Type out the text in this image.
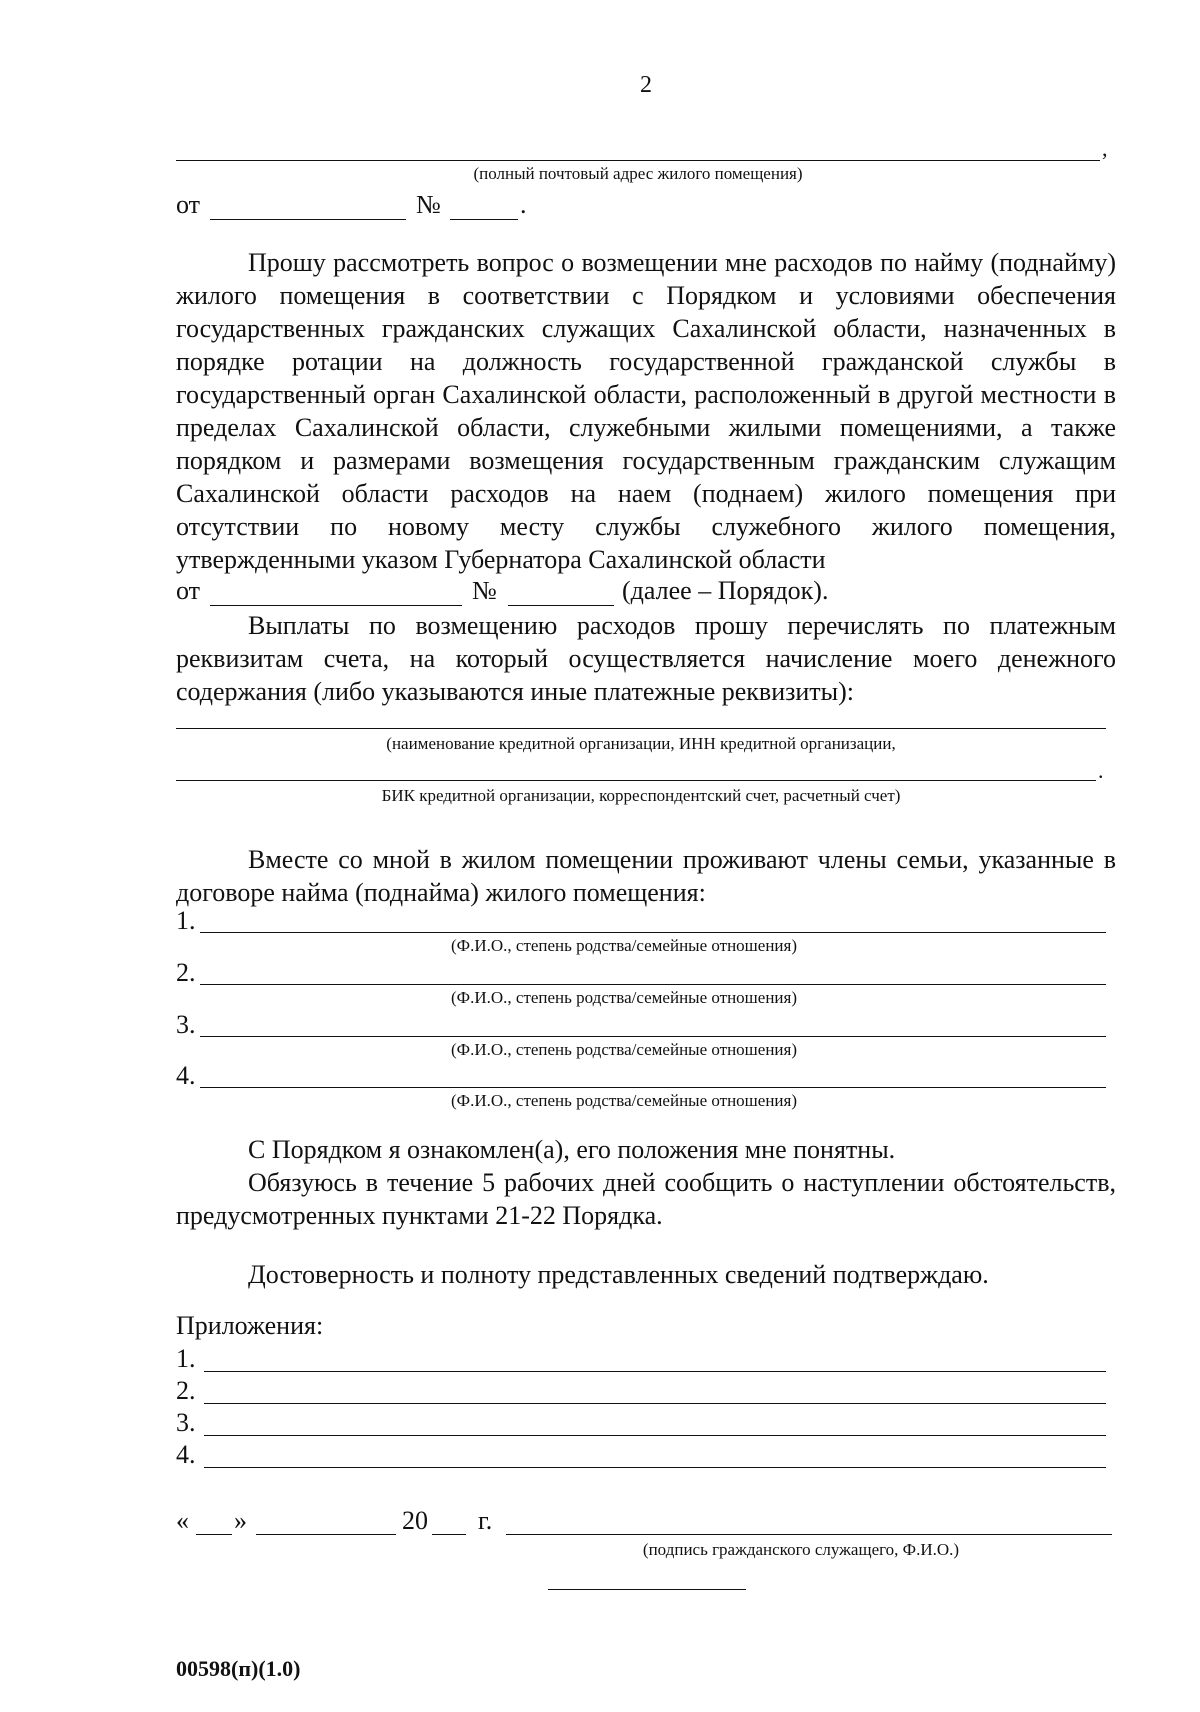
2
,
(полный почтовый адрес жилого помещения)
от	№	.
Прошу рассмотреть вопрос о возмещении мне расходов по найму (поднайму) жилого помещения в соответствии с Порядком и условиями обеспечения государственных гражданских служащих Сахалинской области, назначенных в порядке ротации на должность государственной гражданской службы в государственный орган Сахалинской области, расположенный в другой местности в пределах Сахалинской области, служебными жилыми помещениями, а также порядком и размерами возмещения государственным гражданским служащим Сахалинской области расходов на наем (поднаем) жилого помещения при отсутствии по новому месту службы служебного жилого помещения, утвержденными указом Губернатора Сахалинской области
от	№	(далее – Порядок).
Выплаты по возмещению расходов прошу перечислять по платежным реквизитам счета, на который осуществляется начисление моего денежного содержания (либо указываются иные платежные реквизиты):
(наименование кредитной организации, ИНН кредитной организации,
.
БИК кредитной организации, корреспондентский счет, расчетный счет)
Вместе со мной в жилом помещении проживают члены семьи, указанные в договоре найма (поднайма) жилого помещения:
1.
(Ф.И.О., степень родства/семейные отношения)
2.
(Ф.И.О., степень родства/семейные отношения)
3.
(Ф.И.О., степень родства/семейные отношения)
4.
(Ф.И.О., степень родства/семейные отношения)
С Порядком я ознакомлен(а), его положения мне понятны.
Обязуюсь в течение 5 рабочих дней сообщить о наступлении обстоятельств, предусмотренных пунктами 21-22 Порядка.
Достоверность и полноту представленных сведений подтверждаю.
Приложения:
1.
2.
3.
4.
« »	20 г.
(подпись гражданского служащего, Ф.И.О.)
00598(п)(1.0)
